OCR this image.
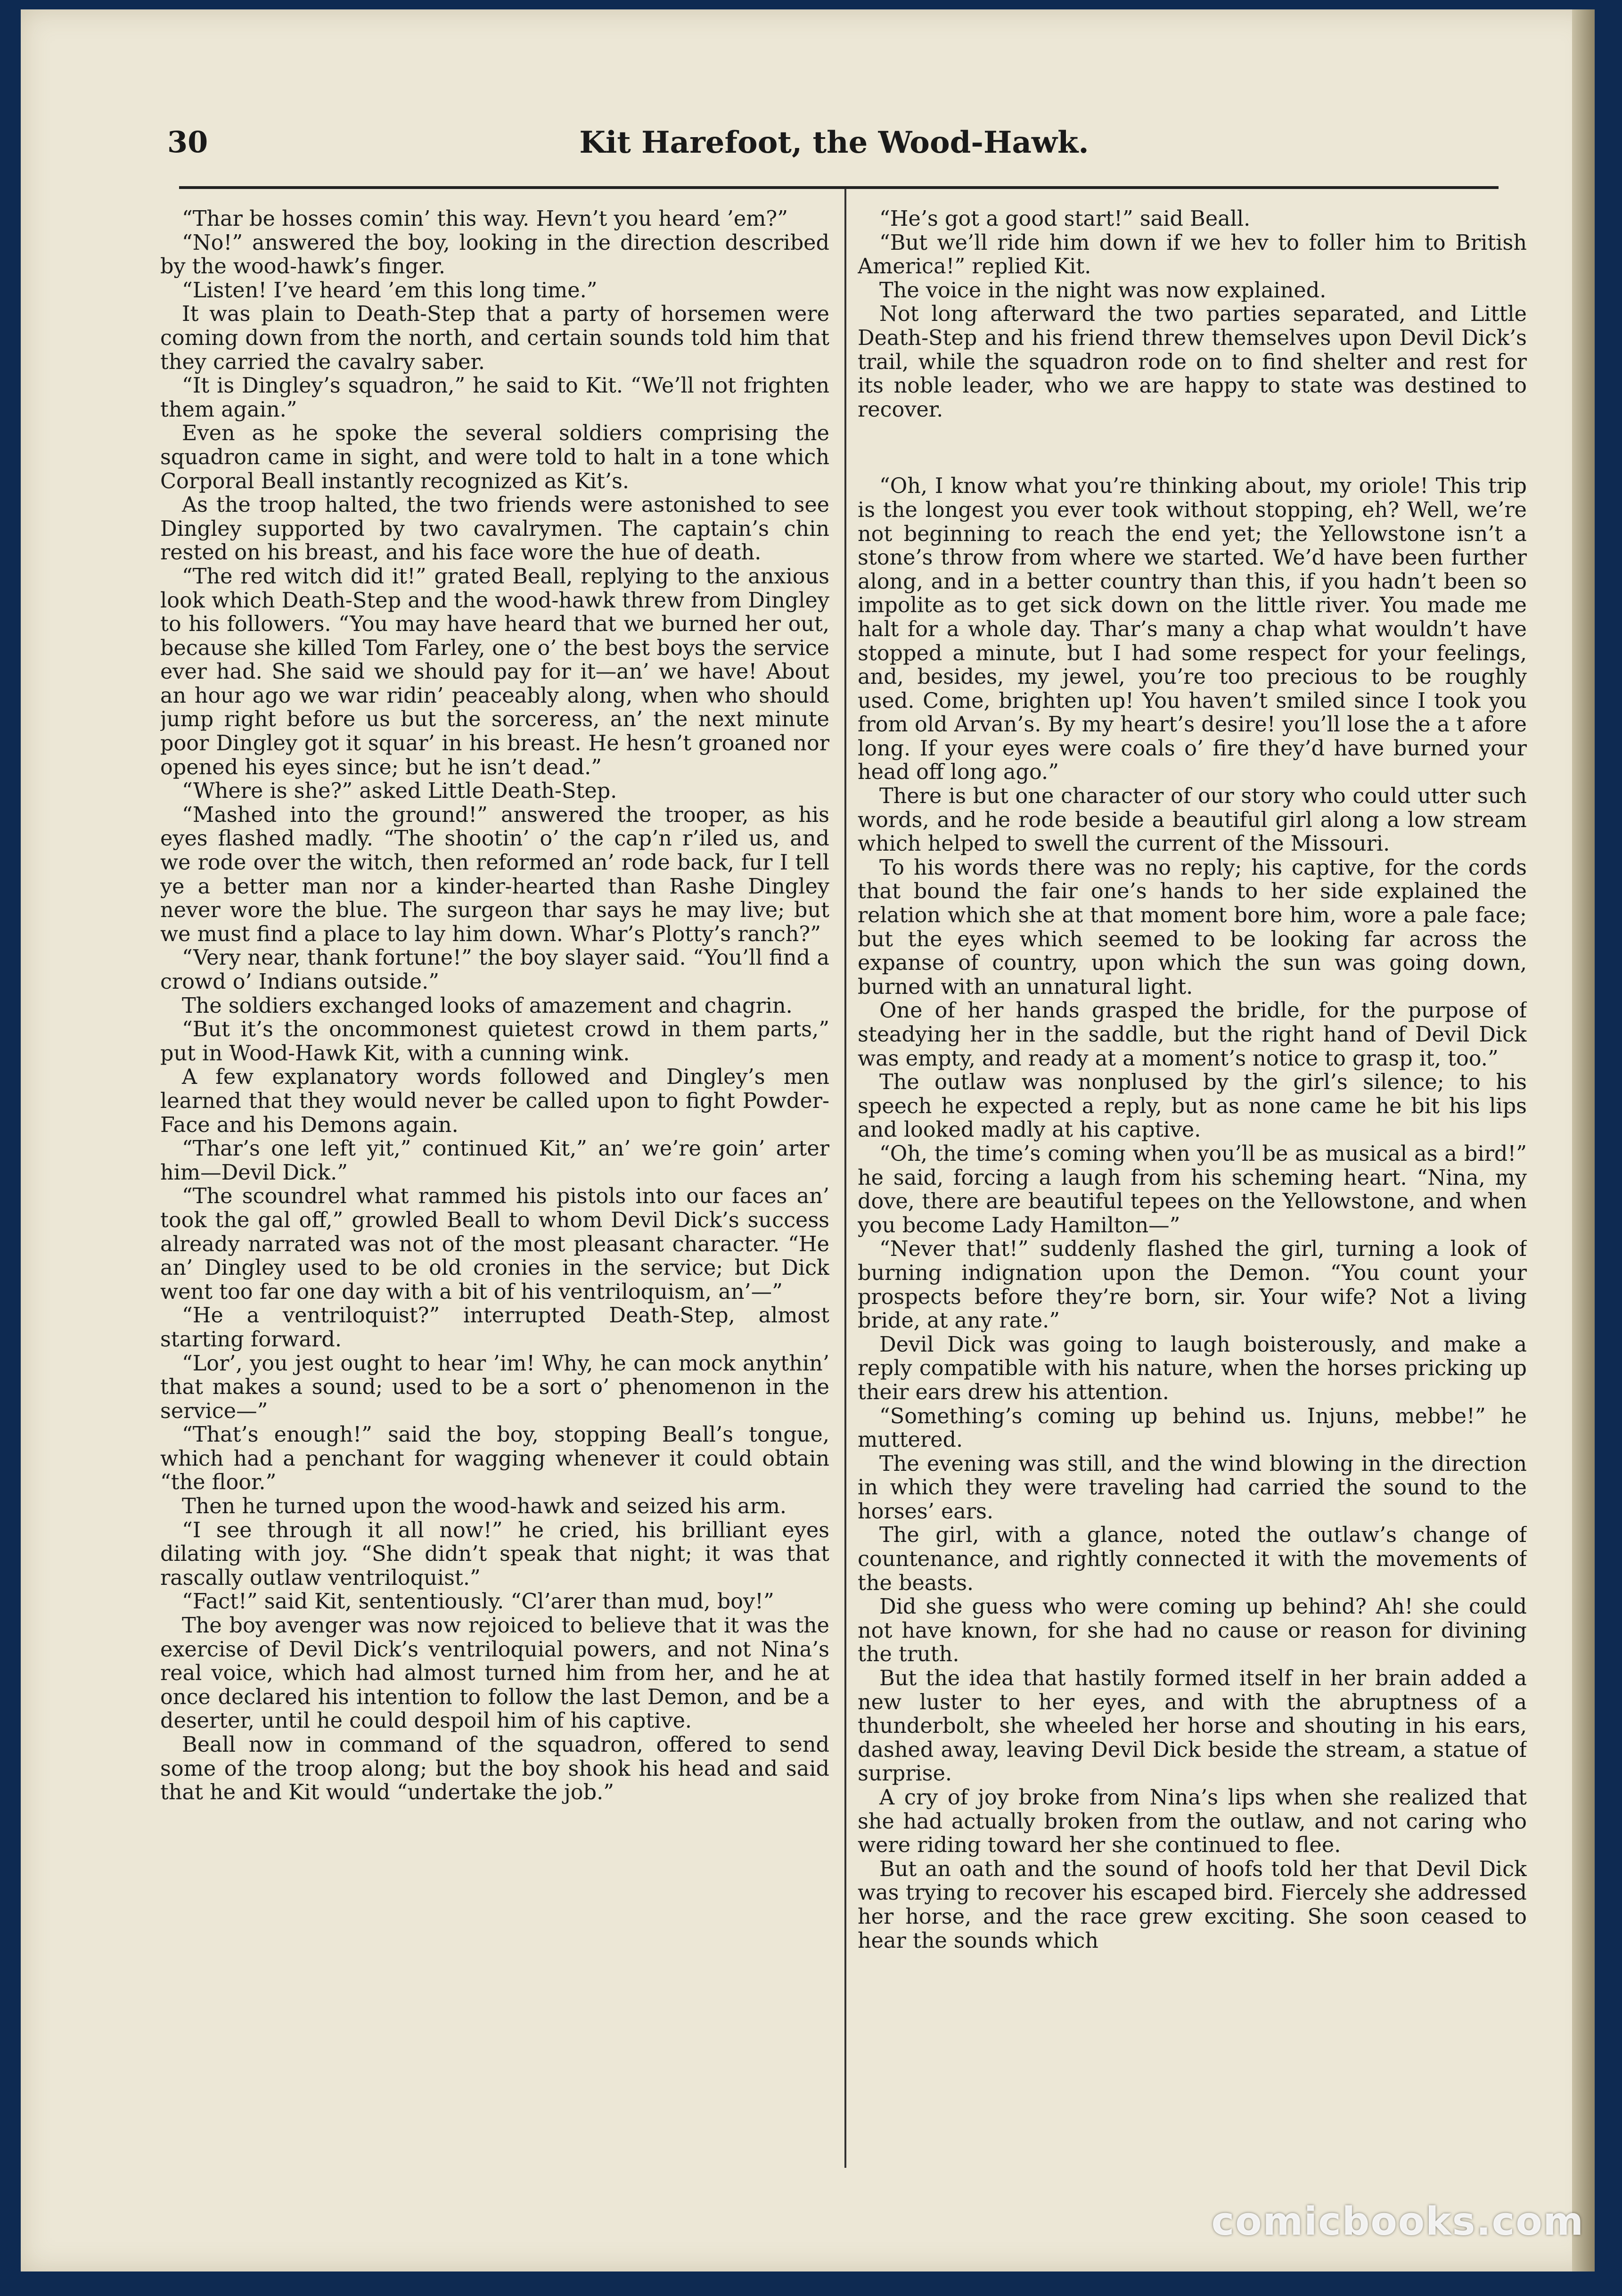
30	Kit Harefoot, the Wood-Hawk.

“Thar be hosses comin’ this way. Hevn’t you heard ’em?”

“No!” answered the boy, looking in the direction described by the wood-hawk’s finger.

“Listen! I’ve heard ’em this long time.”

It was plain to Death-Step that a party of horsemen were coming down from the north, and certain sounds told him that they carried the cavalry saber.

“It is Dingley’s squadron,” he said to Kit. “We’ll not frighten them again.”

Even as he spoke the several soldiers comprising the squadron came in sight, and were told to halt in a tone which Corporal Beall instantly recognized as Kit’s.

As the troop halted, the two friends were astonished to see Dingley supported by two cavalrymen. The captain’s chin rested on his breast, and his face wore the hue of death.

“The red witch did it!” grated Beall, replying to the anxious look which Death-Step and the wood-hawk threw from Dingley to his followers. “You may have heard that we burned her out, because she killed Tom Farley, one o’ the best boys the service ever had. She said we should pay for it—an’ we have! About an hour ago we war ridin’ peaceably along, when who should jump right before us but the sorceress, an’ the next minute poor Dingley got it squar’ in his breast. He hesn’t groaned nor opened his eyes since; but he isn’t dead.”

“Where is she?” asked Little Death-Step.

“Mashed into the ground!” answered the trooper, as his eyes flashed madly. “The shootin’ o’ the cap’n r’iled us, and we rode over the witch, then reformed an’ rode back, fur I tell ye a better man nor a kinder-hearted than Rashe Dingley never wore the blue. The surgeon thar says he may live; but we must find a place to lay him down. Whar’s Plotty’s ranch?”

“Very near, thank fortune!” the boy slayer said. “You’ll find a crowd o’ Indians outside.”

The soldiers exchanged looks of amazement and chagrin.

“But it’s the oncommonest quietest crowd in them parts,” put in Wood-Hawk Kit, with a cunning wink.

A few explanatory words followed and Dingley’s men learned that they would never be called upon to fight Powder-Face and his Demons again.

“Thar’s one left yit,” continued Kit,” an’ we’re goin’ arter him—Devil Dick.”

“The scoundrel what rammed his pistols into our faces an’ took the gal off,” growled Beall to whom Devil Dick’s success already narrated was not of the most pleasant character. “He an’ Dingley used to be old cronies in the service; but Dick went too far one day with a bit of his ventriloquism, an’—”

“He a ventriloquist?” interrupted Death-Step, almost starting forward.

“Lor’, you jest ought to hear ’im! Why, he can mock anythin’ that makes a sound; used to be a sort o’ phenomenon in the service—”

“That’s enough!” said the boy, stopping Beall’s tongue, which had a penchant for wagging whenever it could obtain “the floor.”

Then he turned upon the wood-hawk and seized his arm.

“I see through it all now!” he cried, his brilliant eyes dilating with joy. “She didn’t speak that night; it was that rascally outlaw ventriloquist.”

“Fact!” said Kit, sententiously. “Cl’arer than mud, boy!”

The boy avenger was now rejoiced to believe that it was the exercise of Devil Dick’s ventriloquial powers, and not Nina’s real voice, which had almost turned him from her, and he at once declared his intention to follow the last Demon, and be a deserter, until he could despoil him of his captive.

Beall now in command of the squadron, offered to send some of the troop along; but the boy shook his head and said that he and Kit would “undertake the job.”

“He’s got a good start!” said Beall.

“But we’ll ride him down if we hev to foller him to British America!” replied Kit.

The voice in the night was now explained.

Not long afterward the two parties separated, and Little Death-Step and his friend threw themselves upon Devil Dick’s trail, while the squadron rode on to find shelter and rest for its noble leader, who we are happy to state was destined to recover.

“Oh, I know what you’re thinking about, my oriole! This trip is the longest you ever took without stopping, eh? Well, we’re not beginning to reach the end yet; the Yellowstone isn’t a stone’s throw from where we started. We’d have been further along, and in a better country than this, if you hadn’t been so impolite as to get sick down on the little river. You made me halt for a whole day. Thar’s many a chap what wouldn’t have stopped a minute, but I had some respect for your feelings, and, besides, my jewel, you’re too precious to be roughly used. Come, brighten up! You haven’t smiled since I took you from old Arvan’s. By my heart’s desire! you’ll lose the a t afore long. If your eyes were coals o’ fire they’d have burned your head off long ago.”

There is but one character of our story who could utter such words, and he rode beside a beautiful girl along a low stream which helped to swell the current of the Missouri.

To his words there was no reply; his captive, for the cords that bound the fair one’s hands to her side explained the relation which she at that moment bore him, wore a pale face; but the eyes which seemed to be looking far across the expanse of country, upon which the sun was going down, burned with an unnatural light.

One of her hands grasped the bridle, for the purpose of steadying her in the saddle, but the right hand of Devil Dick was empty, and ready at a moment’s notice to grasp it, too.”

The outlaw was nonplused by the girl’s silence; to his speech he expected a reply, but as none came he bit his lips and looked madly at his captive.

“Oh, the time’s coming when you’ll be as musical as a bird!” he said, forcing a laugh from his scheming heart. “Nina, my dove, there are beautiful tepees on the Yellowstone, and when you become Lady Hamilton—”

“Never that!” suddenly flashed the girl, turning a look of burning indignation upon the Demon. “You count your prospects before they’re born, sir. Your wife? Not a living bride, at any rate.”

Devil Dick was going to laugh boisterously, and make a reply compatible with his nature, when the horses pricking up their ears drew his attention.

“Something’s coming up behind us. Injuns, mebbe!” he muttered.

The evening was still, and the wind blowing in the direction in which they were traveling had carried the sound to the horses’ ears.

The girl, with a glance, noted the outlaw’s change of countenance, and rightly connected it with the movements of the beasts.

Did she guess who were coming up behind? Ah! she could not have known, for she had no cause or reason for divining the truth.

But the idea that hastily formed itself in her brain added a new luster to her eyes, and with the abruptness of a thunderbolt, she wheeled her horse and shouting in his ears, dashed away, leaving Devil Dick beside the stream, a statue of surprise.

A cry of joy broke from Nina’s lips when she realized that she had actually broken from the outlaw, and not caring who were riding toward her she continued to flee.

But an oath and the sound of hoofs told her that Devil Dick was trying to recover his escaped bird. Fiercely she addressed her horse, and the race grew exciting. She soon ceased to hear the sounds which

comicbooks.com
